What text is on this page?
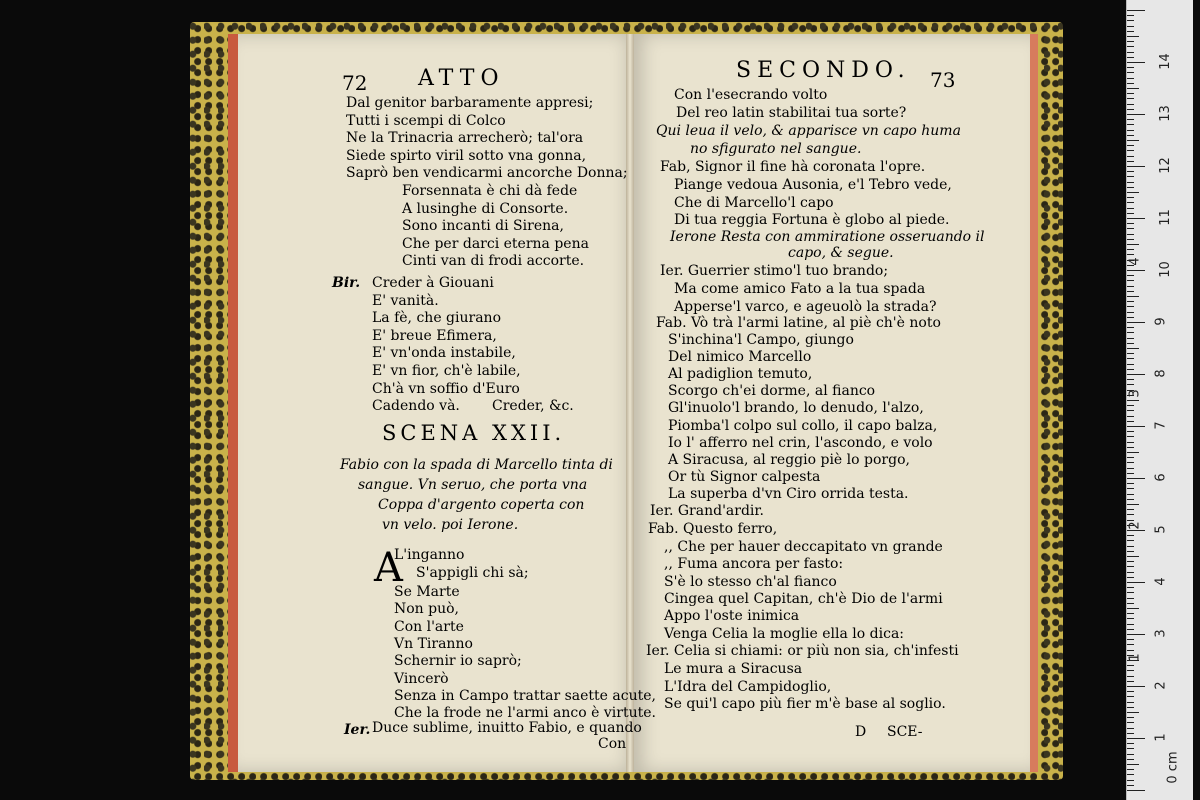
72 ATTO
Dal genitor barbaramente appresi;
Tutti i scempi di Colco
Ne la Trinacria arrecherò; tal'ora
Siede spirto viril sotto vna gonna,
Saprò ben vendicarmi ancorche Donna;
Forsennata è chi dà fede
A lusinghe di Consorte.
Sono incanti di Sirena,
Che per darci eterna pena
Cinti van di frodi accorte.
Bir. Creder à Giouani
E' vanità.
La fè, che giurano
E' breue Efimera,
E' vn'onda instabile,
E' vn fior, ch'è labile,
Ch'à vn soffio d'Euro
Cadendo và. Creder, &c.
SCENA XXII.
Fabio con la spada di Marcello tinta di
sangue. Vn seruo, che porta vna
Coppa d'argento coperta con
vn velo. poi Ierone.
A
L'inganno
S'appigli chi sà;
Se Marte
Non può,
Con l'arte
Vn Tiranno
Schernir io saprò;
Vincerò
Senza in Campo trattar saette acute,
Che la frode ne l'armi anco è virtute.
Ier. Duce sublime, inuitto Fabio, e quando
Con
SECONDO. 73
Con l'esecrando volto
Del reo latin stabilitai tua sorte?
Qui leua il velo, & apparisce vn capo huma
no sfigurato nel sangue.
Fab, Signor il fine hà coronata l'opre.
Piange vedoua Ausonia, e'l Tebro vede,
Che di Marcello'l capo
Di tua reggia Fortuna è globo al piede.
Ierone Resta con ammiratione osseruando il
capo, & segue.
Ier. Guerrier stimo'l tuo brando;
Ma come amico Fato a la tua spada
Apperse'l varco, e ageuolò la strada?
Fab. Vò trà l'armi latine, al piè ch'è noto
S'inchina'l Campo, giungo
Del nimico Marcello
Al padiglion temuto,
Scorgo ch'ei dorme, al fianco
Gl'inuolo'l brando, lo denudo, l'alzo,
Piomba'l colpo sul collo, il capo balza,
Io l' afferro nel crin, l'ascondo, e volo
A Siracusa, al reggio piè lo porgo,
Or tù Signor calpesta
La superba d'vn Ciro orrida testa.
Ier. Grand'ardir.
Fab. Questo ferro,
,, Che per hauer deccapitato vn grande
,, Fuma ancora per fasto:
S'è lo stesso ch'al fianco
Cingea quel Capitan, ch'è Dio de l'armi
Appo l'oste inimica
Venga Celia la moglie ella lo dica:
Ier. Celia si chiami: or più non sia, ch'infesti
Le mura a Siracusa
L'Idra del Campidoglio,
Se qui'l capo più fier m'è base al soglio.
D SCE-	1
2
3
4
5
6
7
8
9
10
11
12
13
14
0 cm
1
2
3
4
